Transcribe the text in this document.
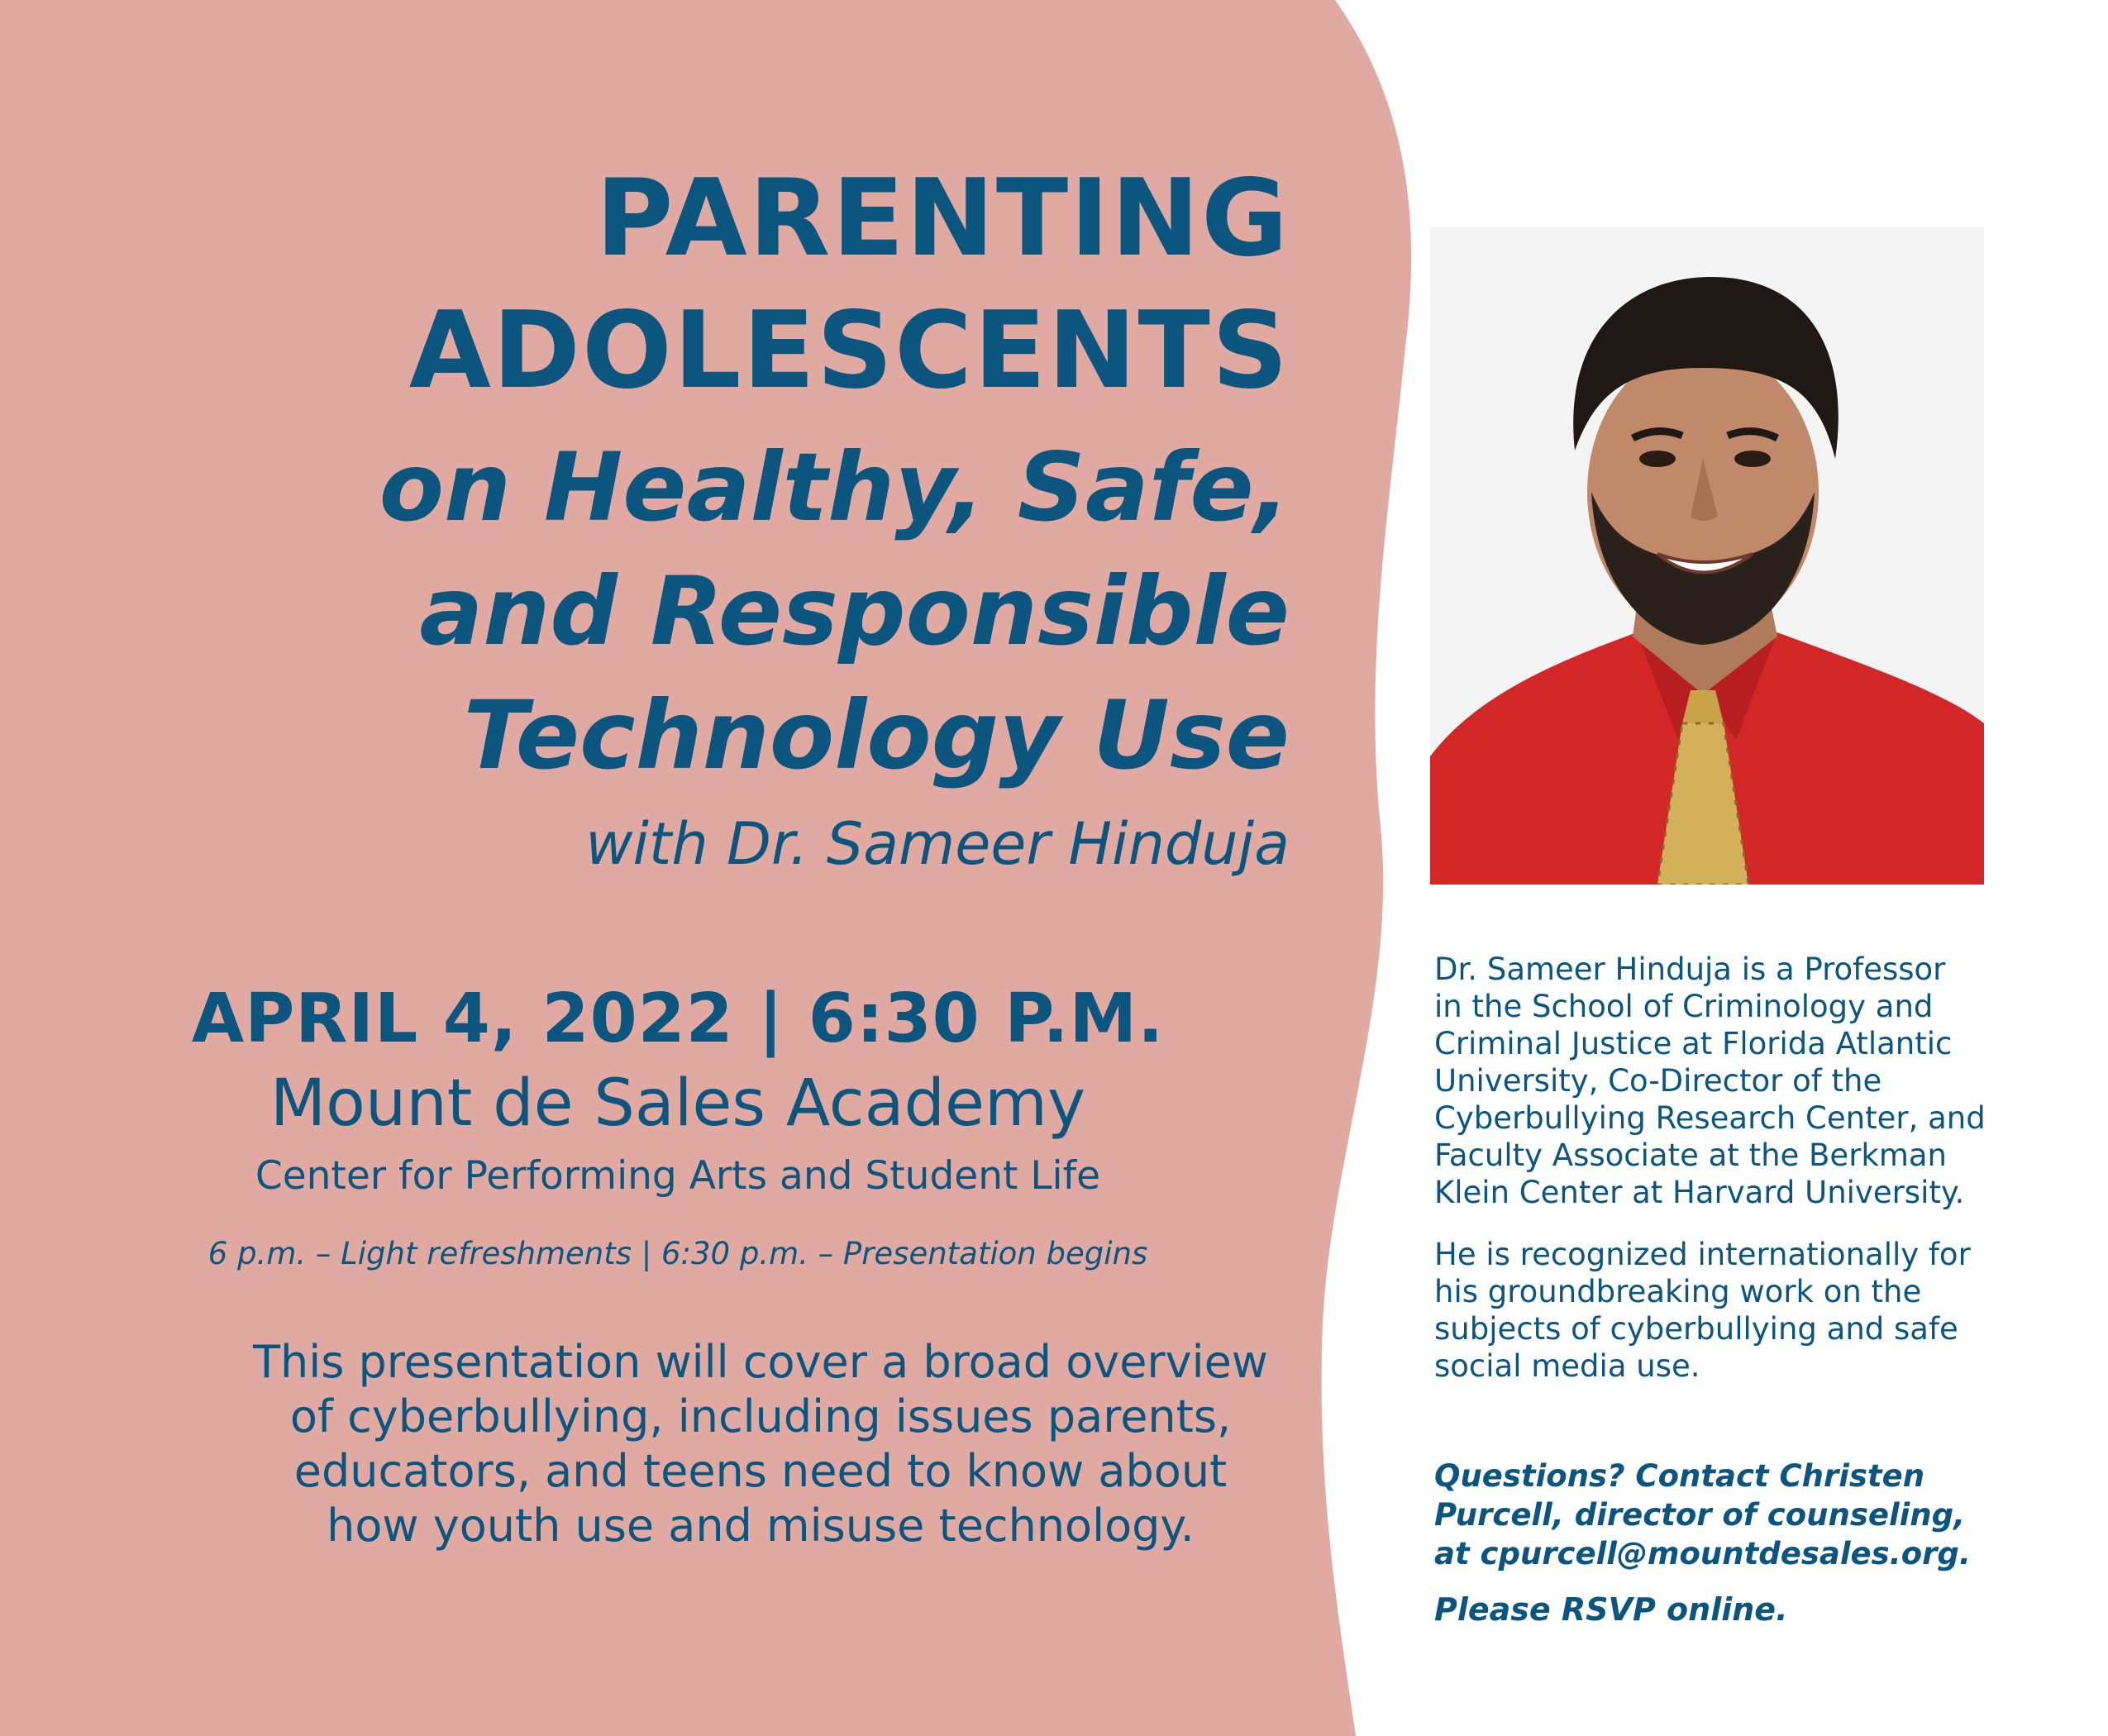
PARENTING
ADOLESCENTS
on Healthy, Safe,
and Responsible
Technology Use
with Dr. Sameer Hinduja
APRIL 4, 2022 | 6:30 P.M.
Mount de Sales Academy
Center for Performing Arts and Student Life
6 p.m. – Light refreshments | 6:30 p.m. – Presentation begins
This presentation will cover a broad overview
of cyberbullying, including issues parents,
educators, and teens need to know about
how youth use and misuse technology.
Dr. Sameer Hinduja is a Professor
in the School of Criminology and
Criminal Justice at Florida Atlantic
University, Co-Director of the
Cyberbullying Research Center, and
Faculty Associate at the Berkman
Klein Center at Harvard University.
He is recognized internationally for
his groundbreaking work on the
subjects of cyberbullying and safe
social media use.
Questions? Contact Christen
Purcell, director of counseling,
at cpurcell@mountdesales.org.
Please RSVP online.
